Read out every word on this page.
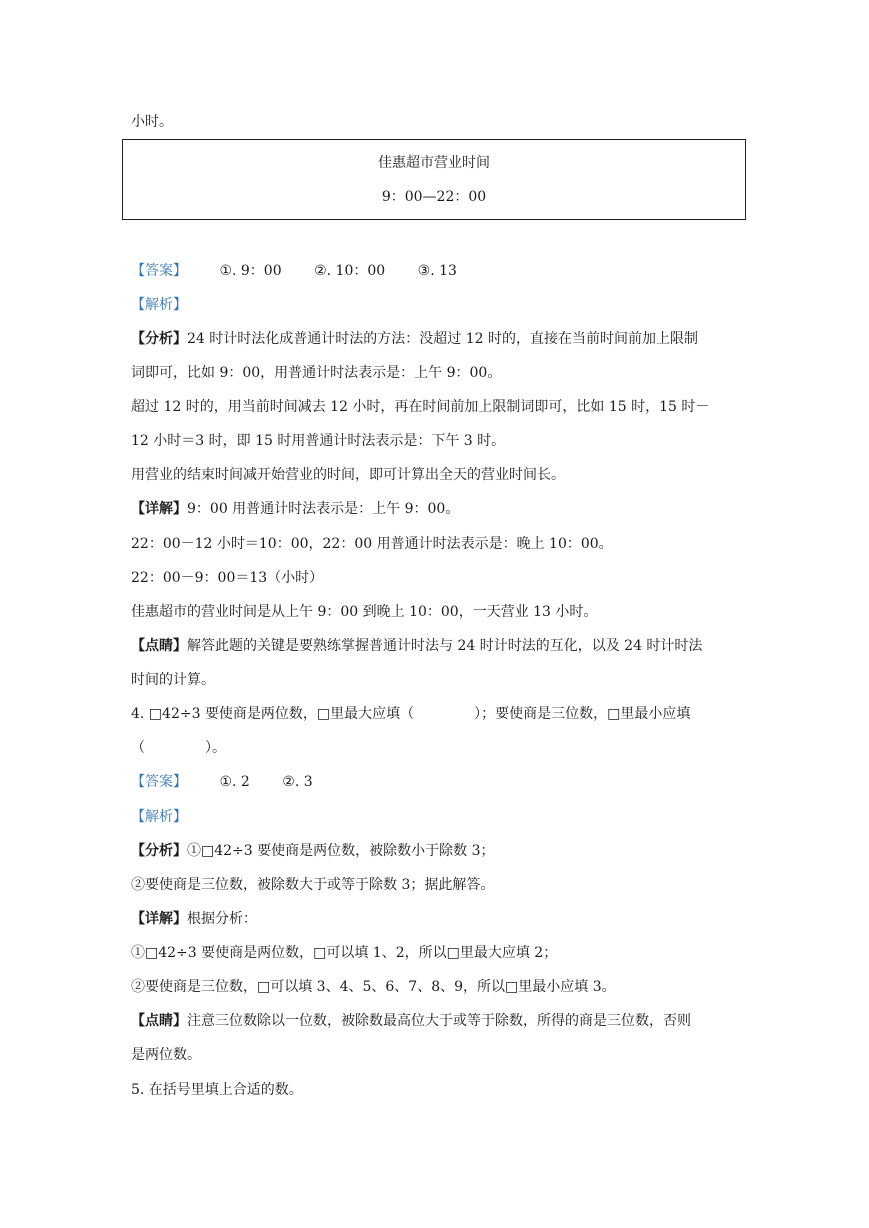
小时。
佳惠超市营业时间
9：00—22：00
【答案】 ①. 9：00 ②. 10：00 ③. 13
【解析】
【分析】24 时计时法化成普通计时法的方法：没超过 12 时的，直接在当前时间前加上限制
词即可，比如 9：00，用普通计时法表示是：上午 9：00。
超过 12 时的，用当前时间减去 12 小时，再在时间前加上限制词即可，比如 15 时，15 时－
12 小时＝3 时，即 15 时用普通计时法表示是：下午 3 时。
用营业的结束时间减开始营业的时间，即可计算出全天的营业时间长。
【详解】9：00 用普通计时法表示是：上午 9：00。
22：00－12 小时＝10：00，22：00 用普通计时法表示是：晚上 10：00。
22：00－9：00＝13（小时）
佳惠超市的营业时间是从上午 9：00 到晚上 10：00，一天营业 13 小时。
【点睛】解答此题的关键是要熟练掌握普通计时法与 24 时计时法的互化，以及 24 时计时法
时间的计算。
4. □42÷3 要使商是两位数，□里最大应填（	）；要使商是三位数，□里最小应填
（	）。
【答案】 ①. 2 ②. 3
【解析】
【分析】①□42÷3 要使商是两位数，被除数小于除数 3；
②要使商是三位数，被除数大于或等于除数 3；据此解答。
【详解】根据分析：
①□42÷3 要使商是两位数，□可以填 1、2，所以□里最大应填 2；
②要使商是三位数，□可以填 3、4、5、6、7、8、9，所以□里最小应填 3。
【点睛】注意三位数除以一位数，被除数最高位大于或等于除数，所得的商是三位数，否则
是两位数。
5. 在括号里填上合适的数。
